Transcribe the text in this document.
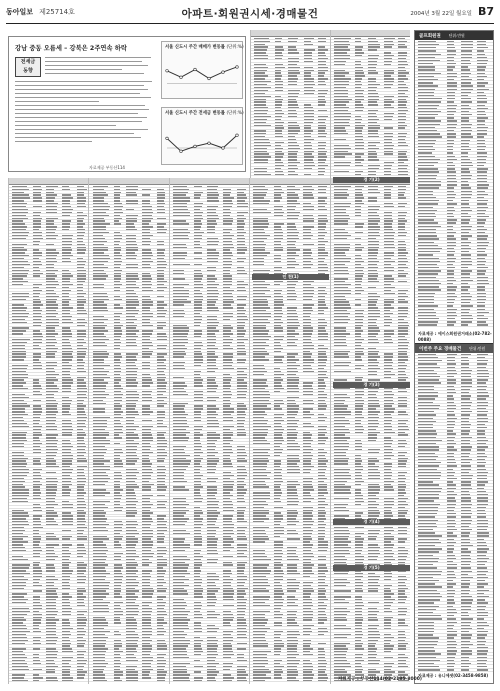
동아일보 제25714호	아파트·회원권시세·경매물건	2004년 3월 22일 월요일 B7
강남 중동 오름세 – 강북은 2주연속 하락
전세금
동향
자료제공 부동산114
서울 신도시 주간 매매가 변동률 (단위:%)
서울 신도시 주간 전세금 변동률 (단위:%)
경 기(2)
인 천(1)
경 기(3)
경 기(4)
경 기(5)
골프회원권 단위:만원
자료제공 : 에이스회원권거래소(02-782-0088)
이번주 주요 경매물건 단위:만원
자료제공 : 유니에셋(02-3458-9858)
자료제공 : 부동산114(02-2185-8000)
